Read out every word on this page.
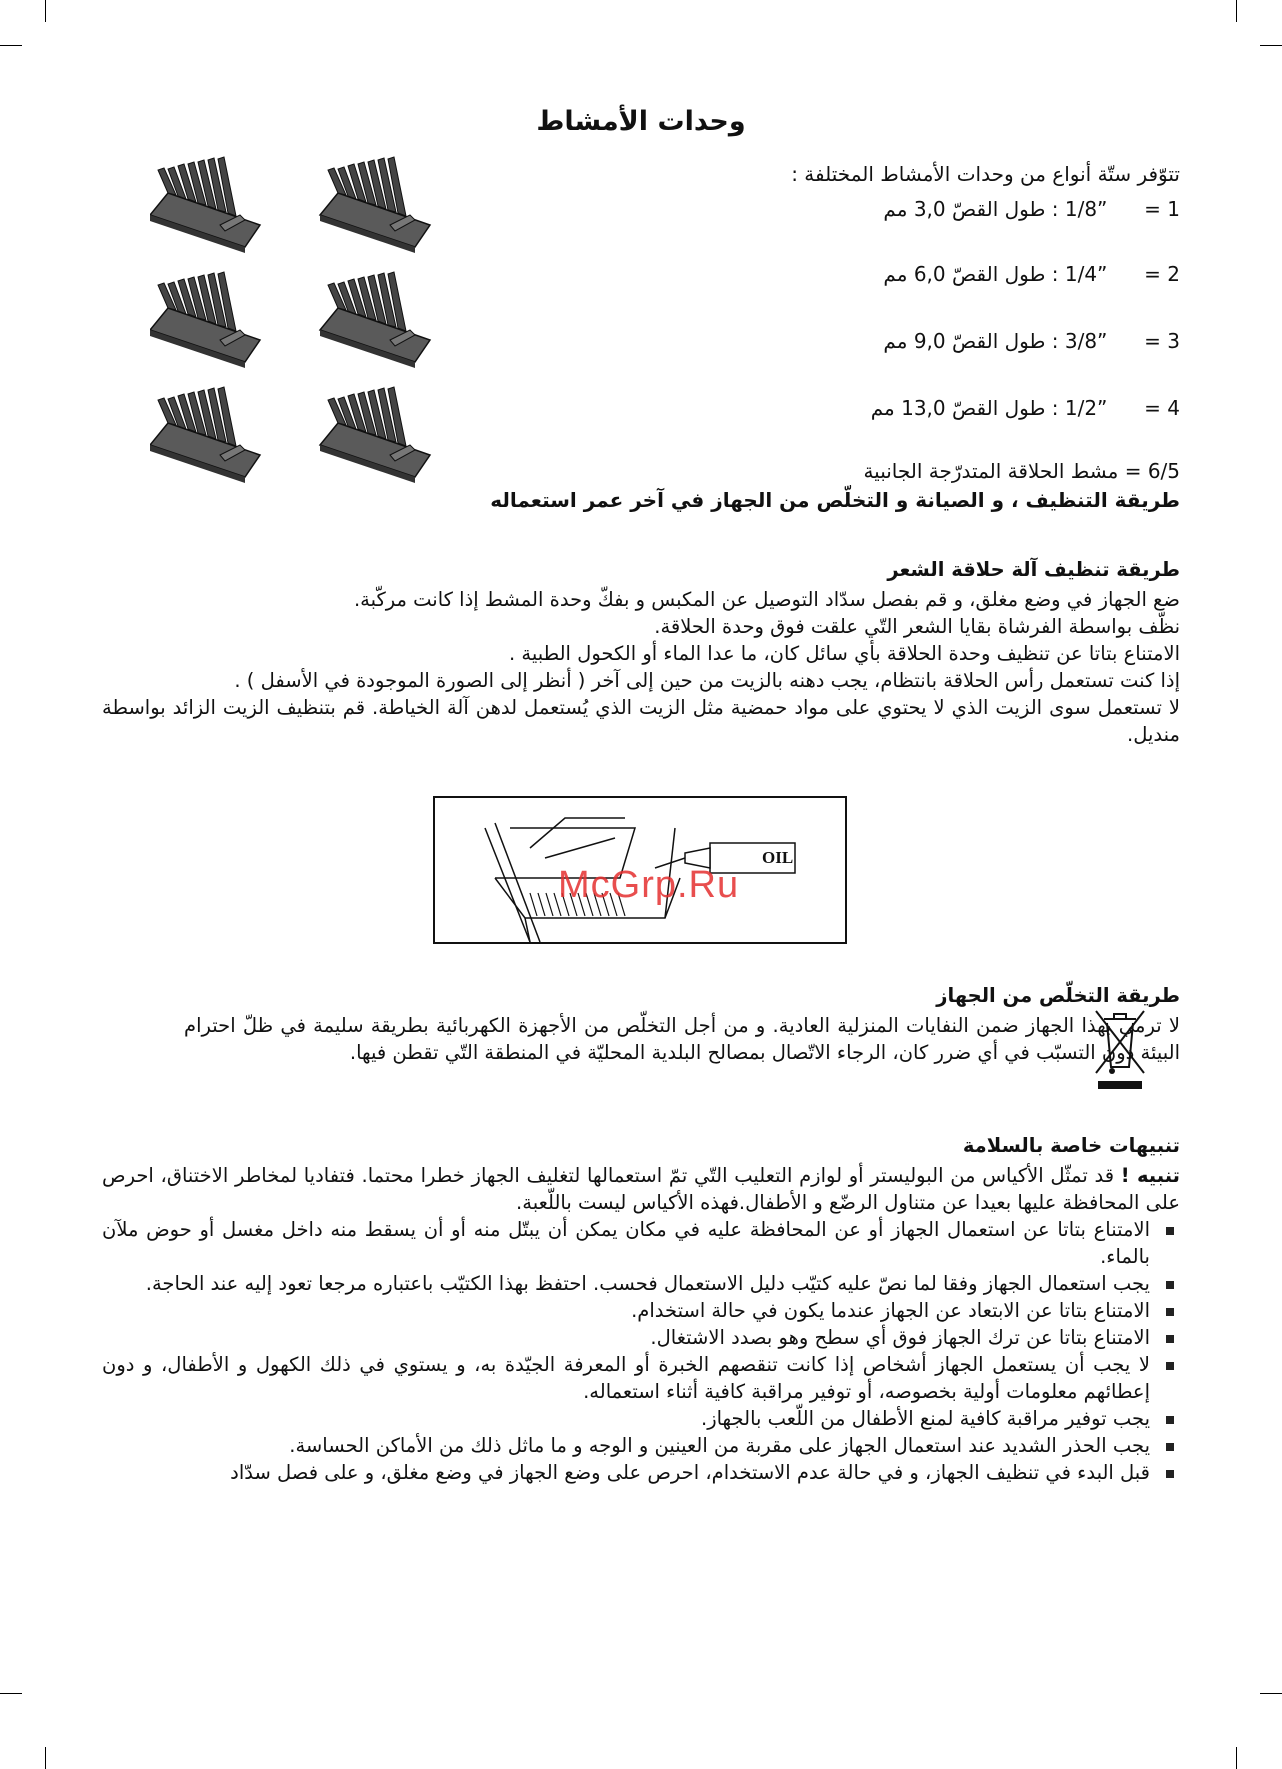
وحدات الأمشاط
تتوّفر ستّة أنواع من وحدات الأمشاط المختلفة :
1 =  1/8” : طول القصّ 3,0 مم
2 =  1/4” : طول القصّ 6,0 مم
3 =  3/8” : طول القصّ 9,0 مم
4 =  1/2” : طول القصّ 13,0 مم
6/5 = مشط الحلاقة المتدرّجة الجانبية
طريقة التنظيف ، و الصيانة و التخلّص من الجهاز في آخر عمر استعماله

طريقة تنظيف آلة حلاقة الشعر

ضع الجهاز في وضع مغلق، و قم بفصل سدّاد التوصيل عن المكبس و بفكّ وحدة المشط إذا كانت مركّبة.

نظّف بواسطة الفرشاة بقايا الشعر التّي علقت فوق وحدة الحلاقة.

الامتناع بتاتا عن تنظيف وحدة الحلاقة بأي سائل كان، ما عدا الماء أو الكحول الطبية .

إذا كنت تستعمل رأس الحلاقة بانتظام، يجب دهنه بالزيت من حين إلى آخر ( أنظر إلى الصورة الموجودة في الأسفل ) .

لا تستعمل سوى الزيت الذي لا يحتوي على مواد حمضية مثل الزيت الذي يُستعمل لدهن آلة الخياطة. قم بتنظيف الزيت الزائد بواسطة منديل.

OIL
McGrp.Ru

طريقة التخلّص من الجهاز

لا ترمي بهذا الجهاز ضمن النفايات المنزلية العادية. و من أجل التخلّص من الأجهزة الكهربائية بطريقة سليمة في ظلّ احترام البيئة دون التسبّب في أي ضرر كان، الرجاء الاتّصال بمصالح البلدية المحليّة في المنطقة التّي تقطن فيها.

تنبيهات خاصة بالسلامة

تنبيه ! قد تمثّل الأكياس من البوليستر أو لوازم التعليب التّي تمّ استعمالها لتغليف الجهاز خطرا محتما. فتفاديا لمخاطر الاختناق، احرص على المحافظة عليها بعيدا عن متناول الرضّع و الأطفال.فهذه الأكياس ليست باللّعبة.

الامتناع بتاتا عن استعمال الجهاز أو عن المحافظة عليه في مكان يمكن أن يبتّل منه أو أن يسقط منه داخل مغسل أو حوض ملآن بالماء.
يجب استعمال الجهاز وفقا لما نصّ عليه كتيّب دليل الاستعمال فحسب. احتفظ بهذا الكتيّب باعتباره مرجعا تعود إليه عند الحاجة.
الامتناع بتاتا عن الابتعاد عن الجهاز عندما يكون في حالة استخدام.
الامتناع بتاتا عن ترك الجهاز فوق أي سطح وهو بصدد الاشتغال.
لا يجب أن يستعمل الجهاز أشخاص إذا كانت تنقصهم الخبرة أو المعرفة الجيّدة به، و يستوي في ذلك الكهول و الأطفال، و دون إعطائهم معلومات أولية بخصوصه، أو توفير مراقبة كافية أثناء استعماله.
يجب توفير مراقبة كافية لمنع الأطفال من اللّعب بالجهاز.
يجب الحذر الشديد عند استعمال الجهاز على مقربة من العينين و الوجه و ما ماثل ذلك من الأماكن الحساسة.
قبل البدء في تنظيف الجهاز، و في حالة عدم الاستخدام، احرص على وضع الجهاز في وضع مغلق، و على فصل سدّاد
